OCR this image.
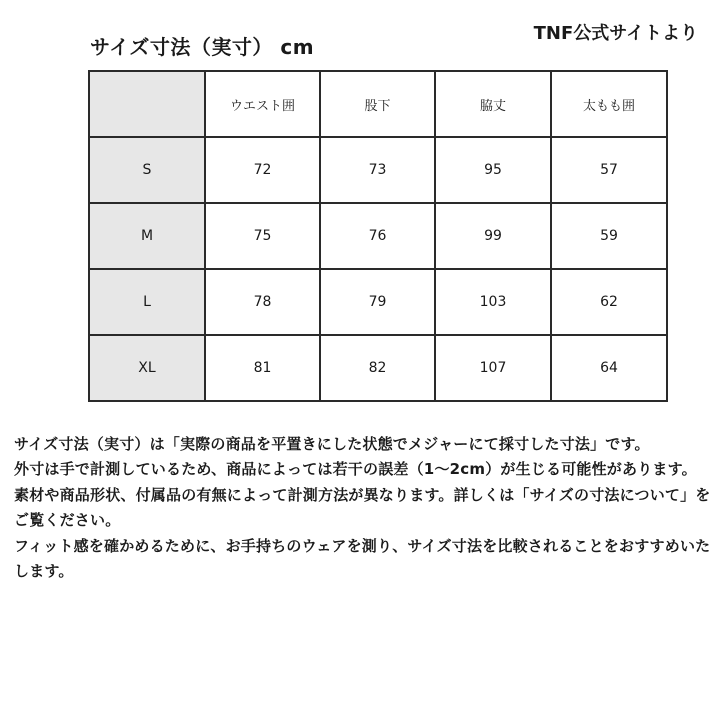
サイズ寸法（実寸） cm
TNF公式サイトより
	ウエスト囲	股下	脇丈	太もも囲
S	72	73	95	57
M	75	76	99	59
L	78	79	103	62
XL	81	82	107	64

サイズ寸法（実寸）は「実際の商品を平置きにした状態でメジャーにて採寸した寸法」です。

外寸は手で計測しているため、商品によっては若干の誤差（1〜2cm）が生じる可能性があります。

素材や商品形状、付属品の有無によって計測方法が異なります。詳しくは「サイズの寸法について」をご覧ください。

フィット感を確かめるために、お手持ちのウェアを測り、サイズ寸法を比較されることをおすすめいたします。
